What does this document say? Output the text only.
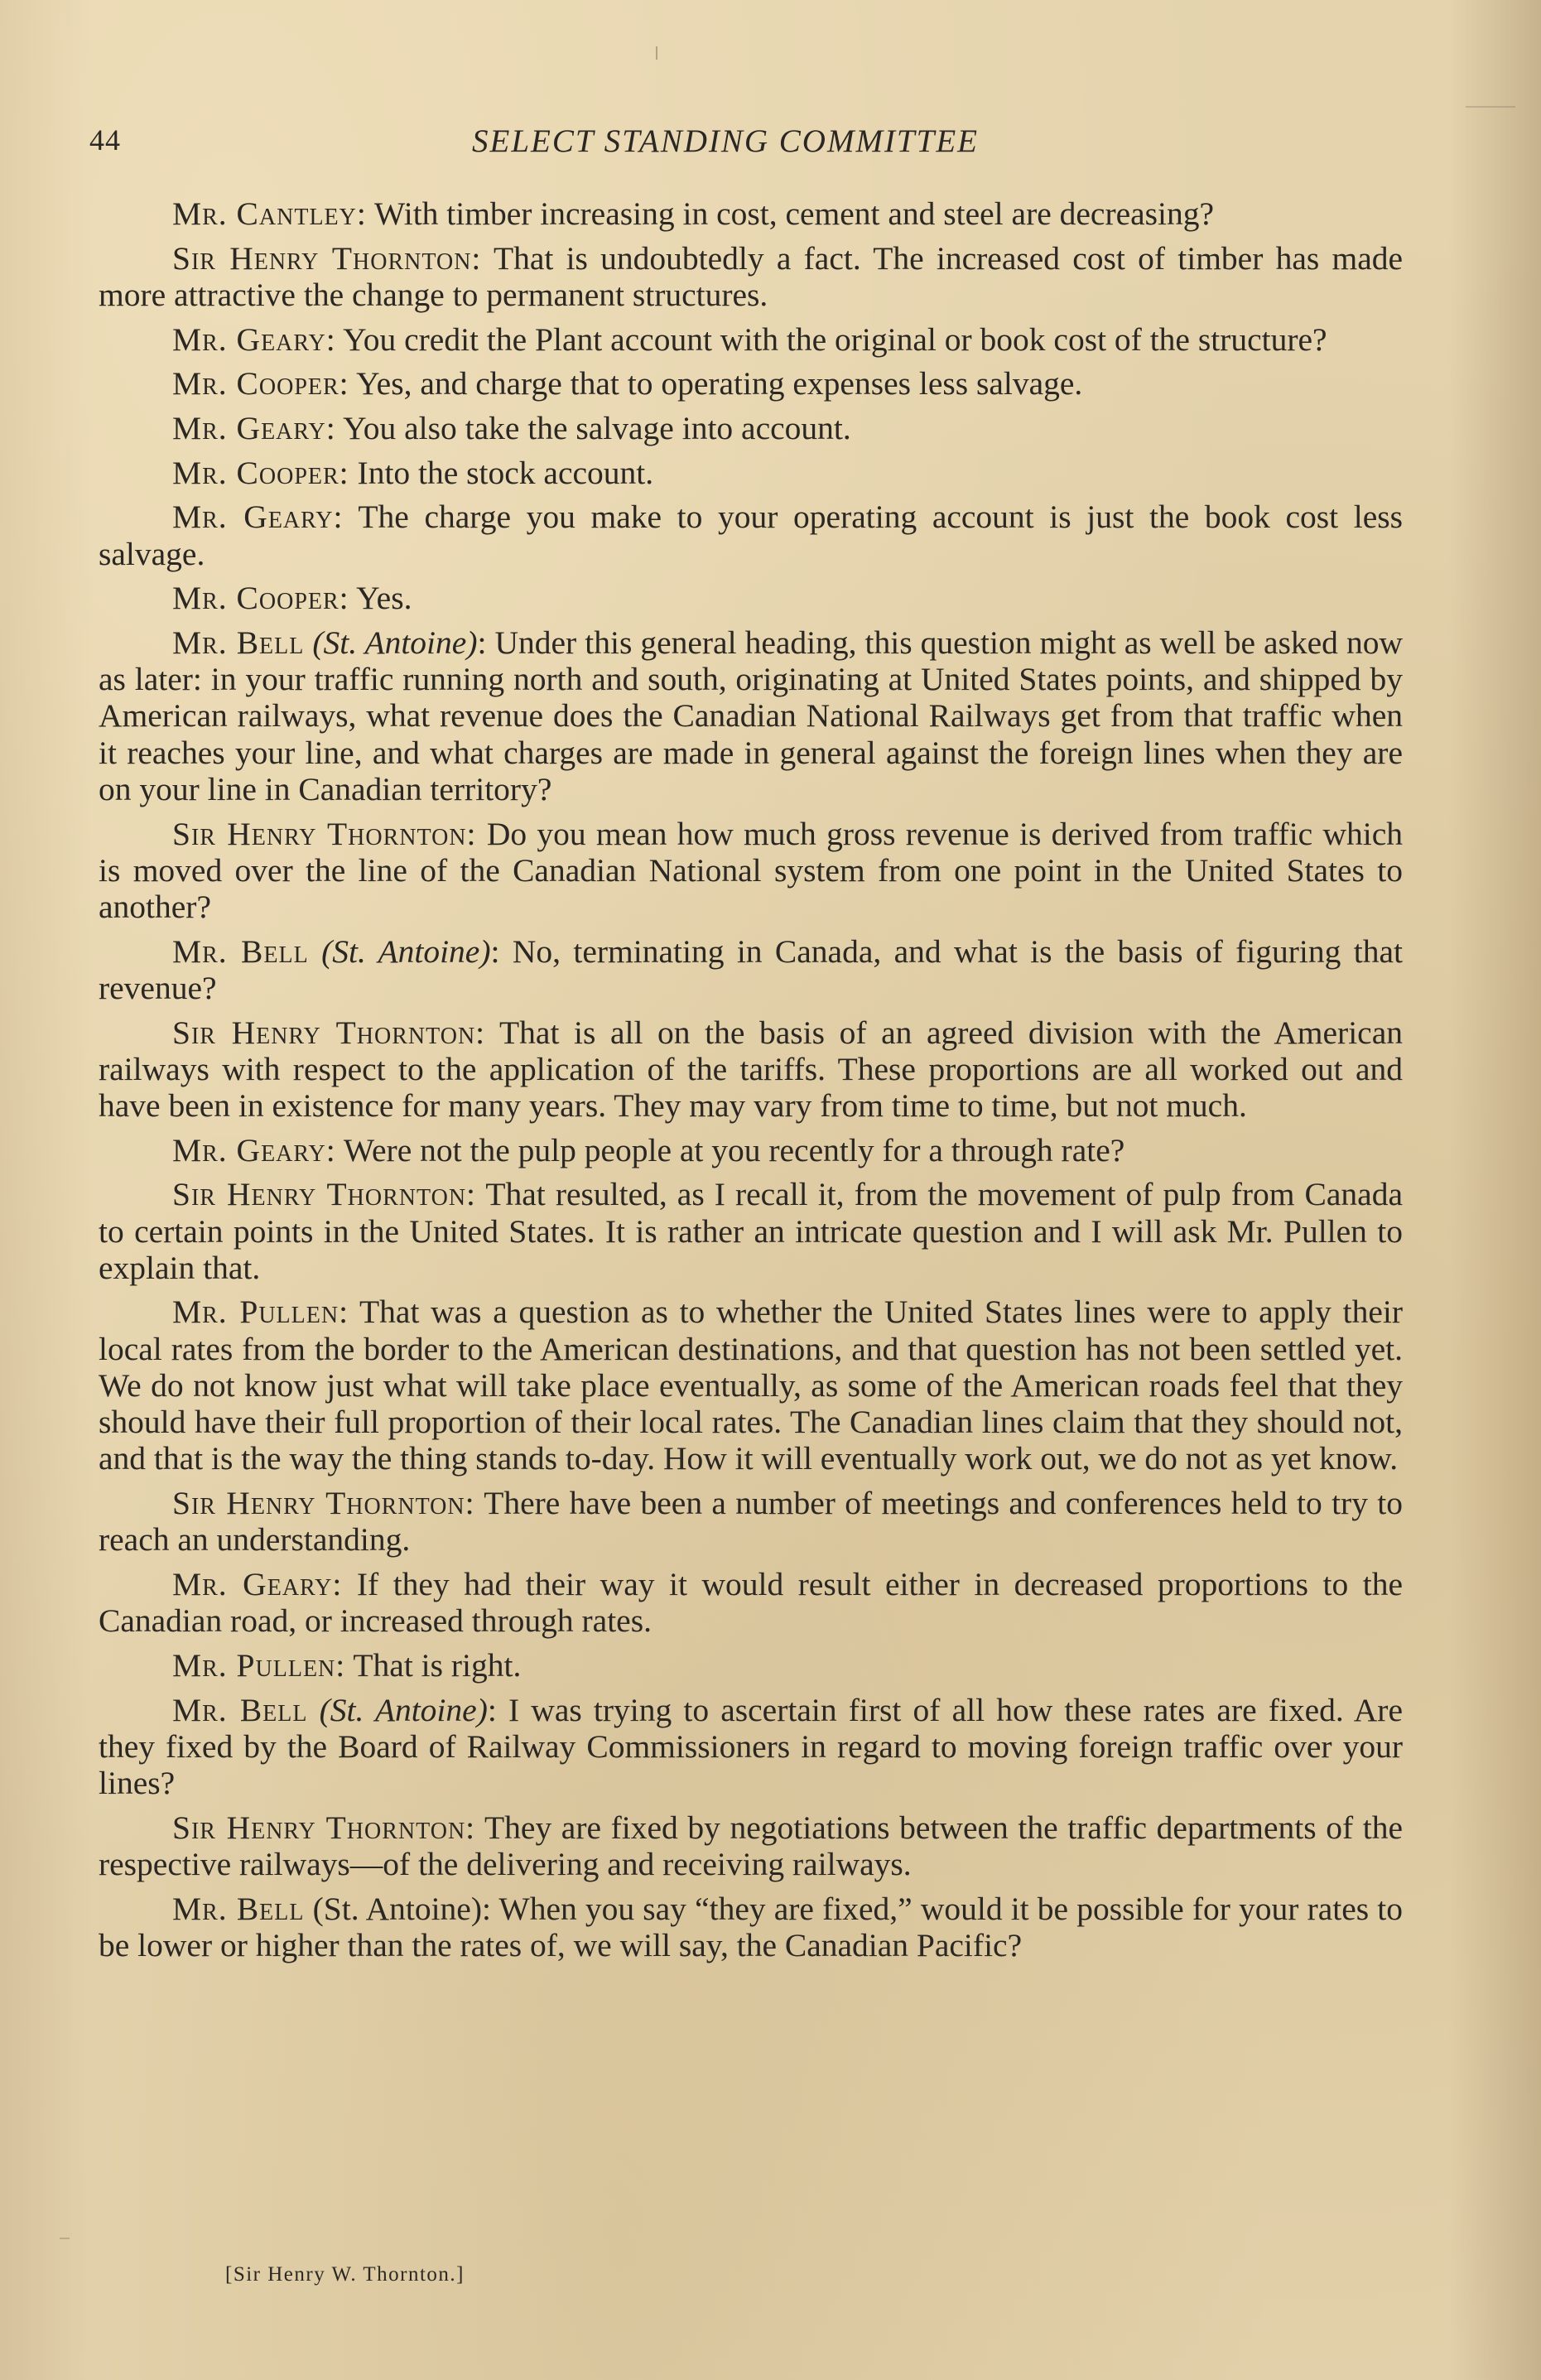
44	SELECT STANDING COMMITTEE

Mr. Cantley: With timber increasing in cost, cement and steel are decreasing?

Sir Henry Thornton: That is undoubtedly a fact. The increased cost of timber has made more attractive the change to permanent structures.

Mr. Geary: You credit the Plant account with the original or book cost of the structure?

Mr. Cooper: Yes, and charge that to operating expenses less salvage.

Mr. Geary: You also take the salvage into account.

Mr. Cooper: Into the stock account.

Mr. Geary: The charge you make to your operating account is just the book cost less salvage.

Mr. Cooper: Yes.

Mr. Bell (St. Antoine): Under this general heading, this question might as well be asked now as later: in your traffic running north and south, originating at United States points, and shipped by American railways, what revenue does the Canadian National Railways get from that traffic when it reaches your line, and what charges are made in general against the foreign lines when they are on your line in Canadian territory?

Sir Henry Thornton: Do you mean how much gross revenue is derived from traffic which is moved over the line of the Canadian National system from one point in the United States to another?

Mr. Bell (St. Antoine): No, terminating in Canada, and what is the basis of figuring that revenue?

Sir Henry Thornton: That is all on the basis of an agreed division with the American railways with respect to the application of the tariffs. These proportions are all worked out and have been in existence for many years. They may vary from time to time, but not much.

Mr. Geary: Were not the pulp people at you recently for a through rate?

Sir Henry Thornton: That resulted, as I recall it, from the movement of pulp from Canada to certain points in the United States. It is rather an intricate question and I will ask Mr. Pullen to explain that.

Mr. Pullen: That was a question as to whether the United States lines were to apply their local rates from the border to the American destinations, and that question has not been settled yet. We do not know just what will take place eventually, as some of the American roads feel that they should have their full proportion of their local rates. The Canadian lines claim that they should not, and that is the way the thing stands to-day. How it will eventually work out, we do not as yet know.

Sir Henry Thornton: There have been a number of meetings and conferences held to try to reach an understanding.

Mr. Geary: If they had their way it would result either in decreased proportions to the Canadian road, or increased through rates.

Mr. Pullen: That is right.

Mr. Bell (St. Antoine): I was trying to ascertain first of all how these rates are fixed. Are they fixed by the Board of Railway Commissioners in regard to moving foreign traffic over your lines?

Sir Henry Thornton: They are fixed by negotiations between the traffic departments of the respective railways—of the delivering and receiving railways.

Mr. Bell (St. Antoine): When you say “they are fixed,” would it be possible for your rates to be lower or higher than the rates of, we will say, the Canadian Pacific?

[Sir Henry W. Thornton.]
